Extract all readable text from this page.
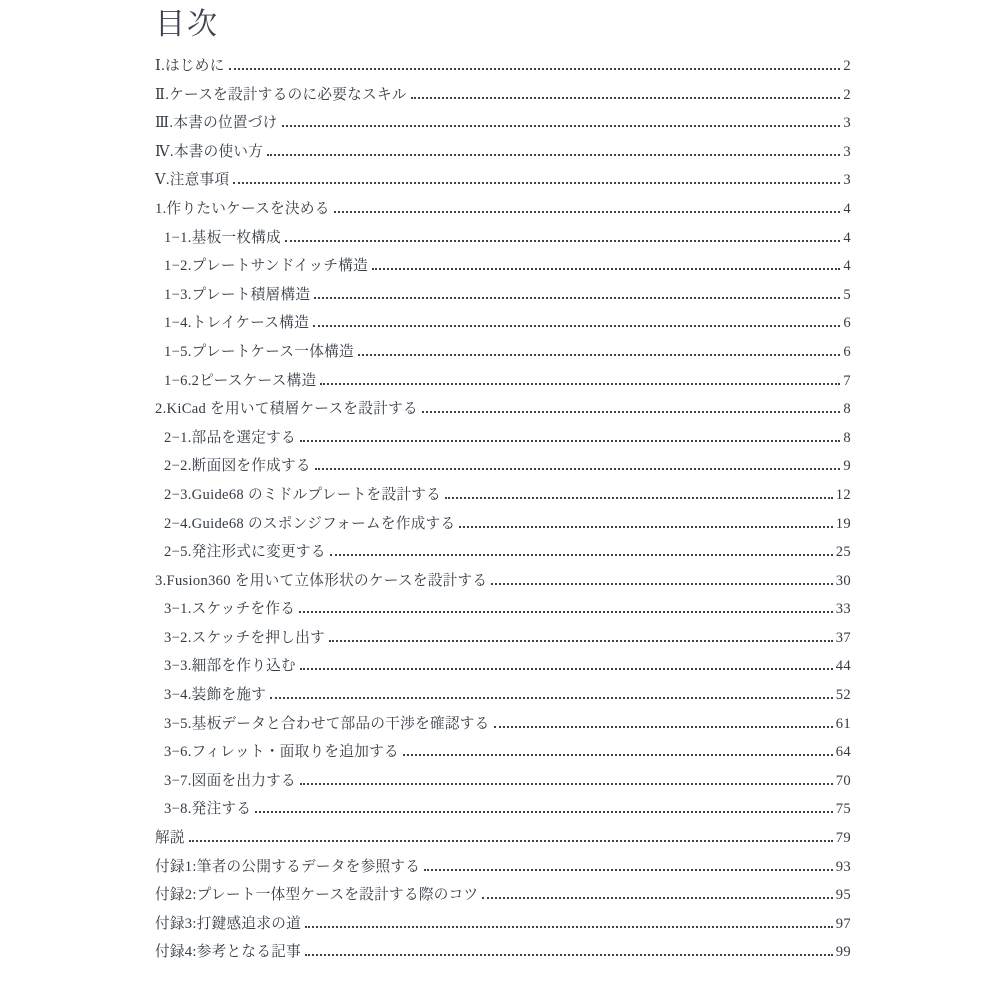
目次
Ⅰ.はじめに	2
Ⅱ.ケースを設計するのに必要なスキル	2
Ⅲ.本書の位置づけ	3
Ⅳ.本書の使い方	3
Ⅴ.注意事項	3
1.作りたいケースを決める	4
1−1.基板一枚構成	4
1−2.プレートサンドイッチ構造	4
1−3.プレート積層構造	5
1−4.トレイケース構造	6
1−5.プレートケース一体構造	6
1−6.2ピースケース構造	7
2.KiCad を用いて積層ケースを設計する	8
2−1.部品を選定する	8
2−2.断面図を作成する	9
2−3.Guide68 のミドルプレートを設計する	12
2−4.Guide68 のスポンジフォームを作成する	19
2−5.発注形式に変更する	25
3.Fusion360 を用いて立体形状のケースを設計する	30
3−1.スケッチを作る	33
3−2.スケッチを押し出す	37
3−3.細部を作り込む	44
3−4.装飾を施す	52
3−5.基板データと合わせて部品の干渉を確認する	61
3−6.フィレット・面取りを追加する	64
3−7.図面を出力する	70
3−8.発注する	75
解説	79
付録1:筆者の公開するデータを参照する	93
付録2:プレート一体型ケースを設計する際のコツ	95
付録3:打鍵感追求の道	97
付録4:参考となる記事	99
